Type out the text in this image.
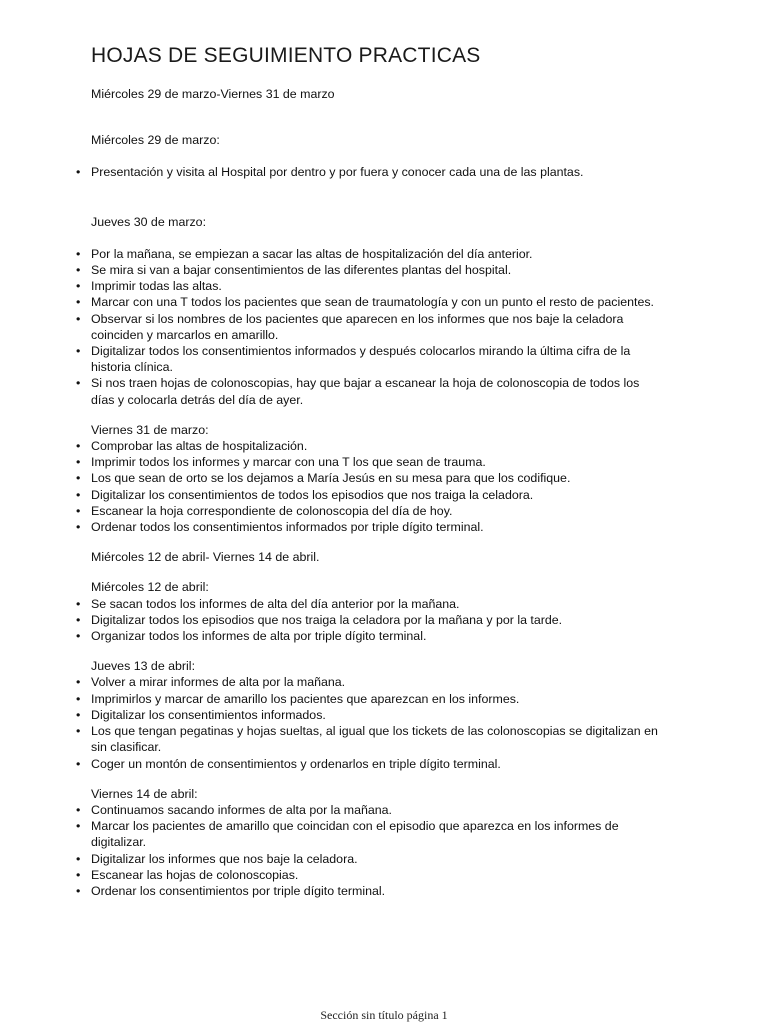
HOJAS DE SEGUIMIENTO PRACTICAS

Miércoles 29 de marzo-Viernes 31 de marzo

Miércoles 29 de marzo:

• Presentación y visita al Hospital por dentro y por fuera y conocer cada una de las plantas.

Jueves 30 de marzo:

• Por la mañana, se empiezan a sacar las altas de hospitalización del día anterior.
• Se mira si van a bajar consentimientos de las diferentes plantas del hospital.
• Imprimir todas las altas.
• Marcar con una T todos los pacientes que sean de traumatología y con un punto el resto de pacientes.
• Observar si los nombres de los pacientes que aparecen en los informes que nos baje la celadora coinciden y marcarlos en amarillo.
• Digitalizar todos los consentimientos informados y después colocarlos mirando la última cifra de la historia clínica.
• Si nos traen hojas de colonoscopias, hay que bajar a escanear la hoja de colonoscopia de todos los días y colocarla detrás del día de ayer.

Viernes 31 de marzo:

• Comprobar las altas de hospitalización.
• Imprimir todos los informes y marcar con una T los que sean de trauma.
• Los que sean de orto se los dejamos a María Jesús en su mesa para que los codifique.
• Digitalizar los consentimientos de todos los episodios que nos traiga la celadora.
• Escanear la hoja correspondiente de colonoscopia del día de hoy.
• Ordenar todos los consentimientos informados por triple dígito terminal.

Miércoles 12 de abril- Viernes 14 de abril.

Miércoles 12 de abril:

• Se sacan todos los informes de alta del día anterior por la mañana.
• Digitalizar todos los episodios que nos traiga la celadora por la mañana y por la tarde.
• Organizar todos los informes de alta por triple dígito terminal.

Jueves 13 de abril:

• Volver a mirar informes de alta por la mañana.
• Imprimirlos y marcar de amarillo los pacientes que aparezcan en los informes.
• Digitalizar los consentimientos informados.
• Los que tengan pegatinas y hojas sueltas, al igual que los tickets de las colonoscopias se digitalizan en sin clasificar.
• Coger un montón de consentimientos y ordenarlos en triple dígito terminal.

Viernes 14 de abril:

• Continuamos sacando informes de alta por la mañana.
• Marcar los pacientes de amarillo que coincidan con el episodio que aparezca en los informes de digitalizar.
• Digitalizar los informes que nos baje la celadora.
• Escanear las hojas de colonoscopias.
• Ordenar los consentimientos por triple dígito terminal.
Sección sin título página 1
